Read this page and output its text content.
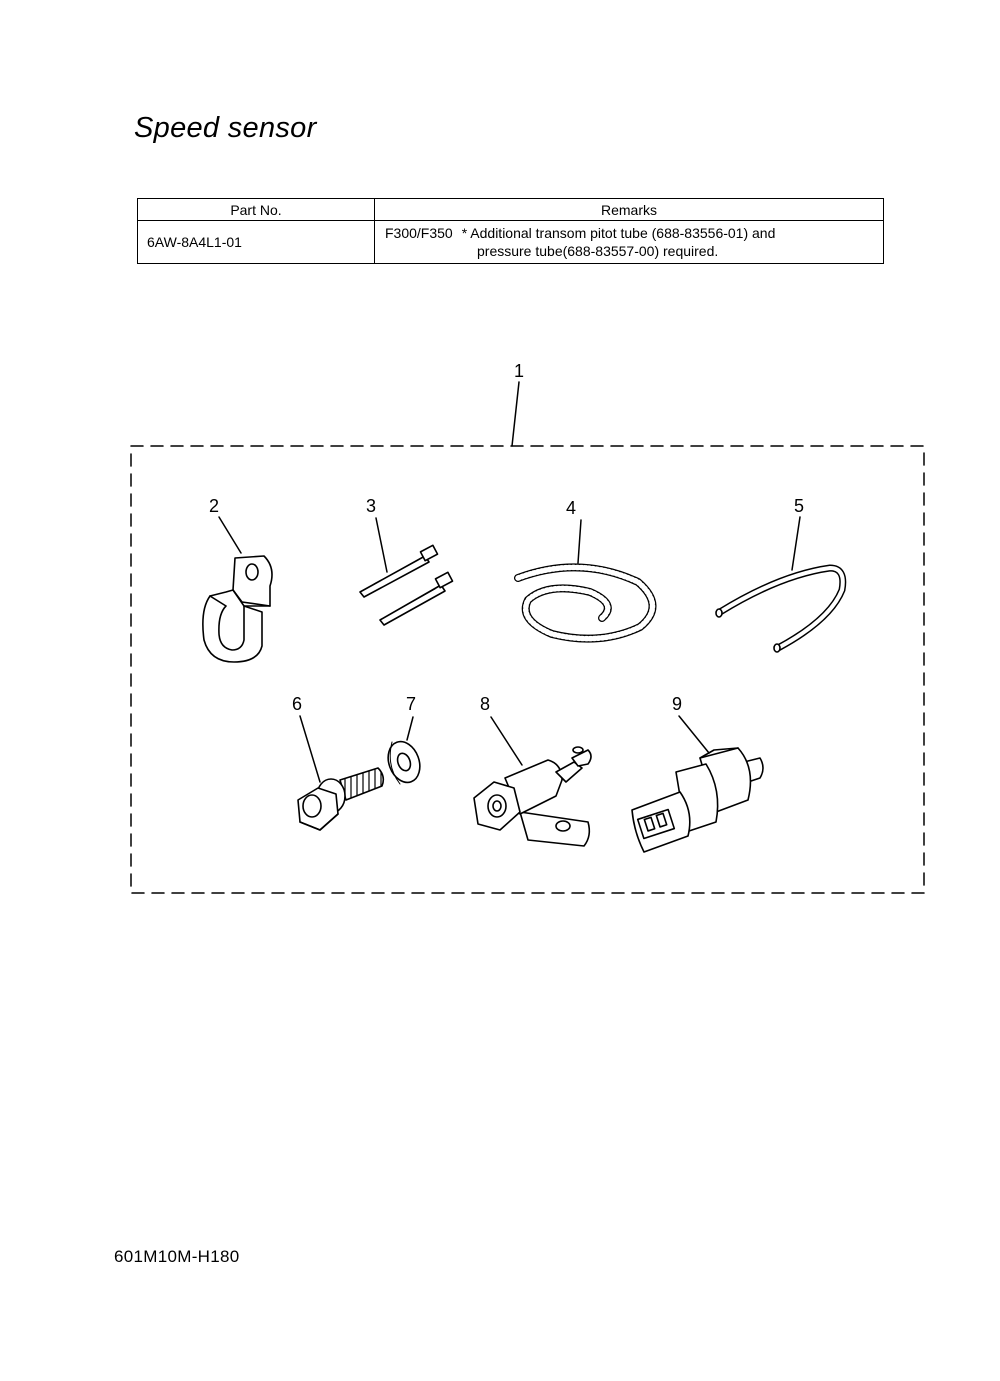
Speed sensor
Part No.	Remarks
6AW-8A4L1-01	F300/F350 * Additional transom pitot tube (688-83556-01) and
pressure tube(688-83557-00) required.
1
2	3	4	5
6	7	8	9
601M10M-H180
